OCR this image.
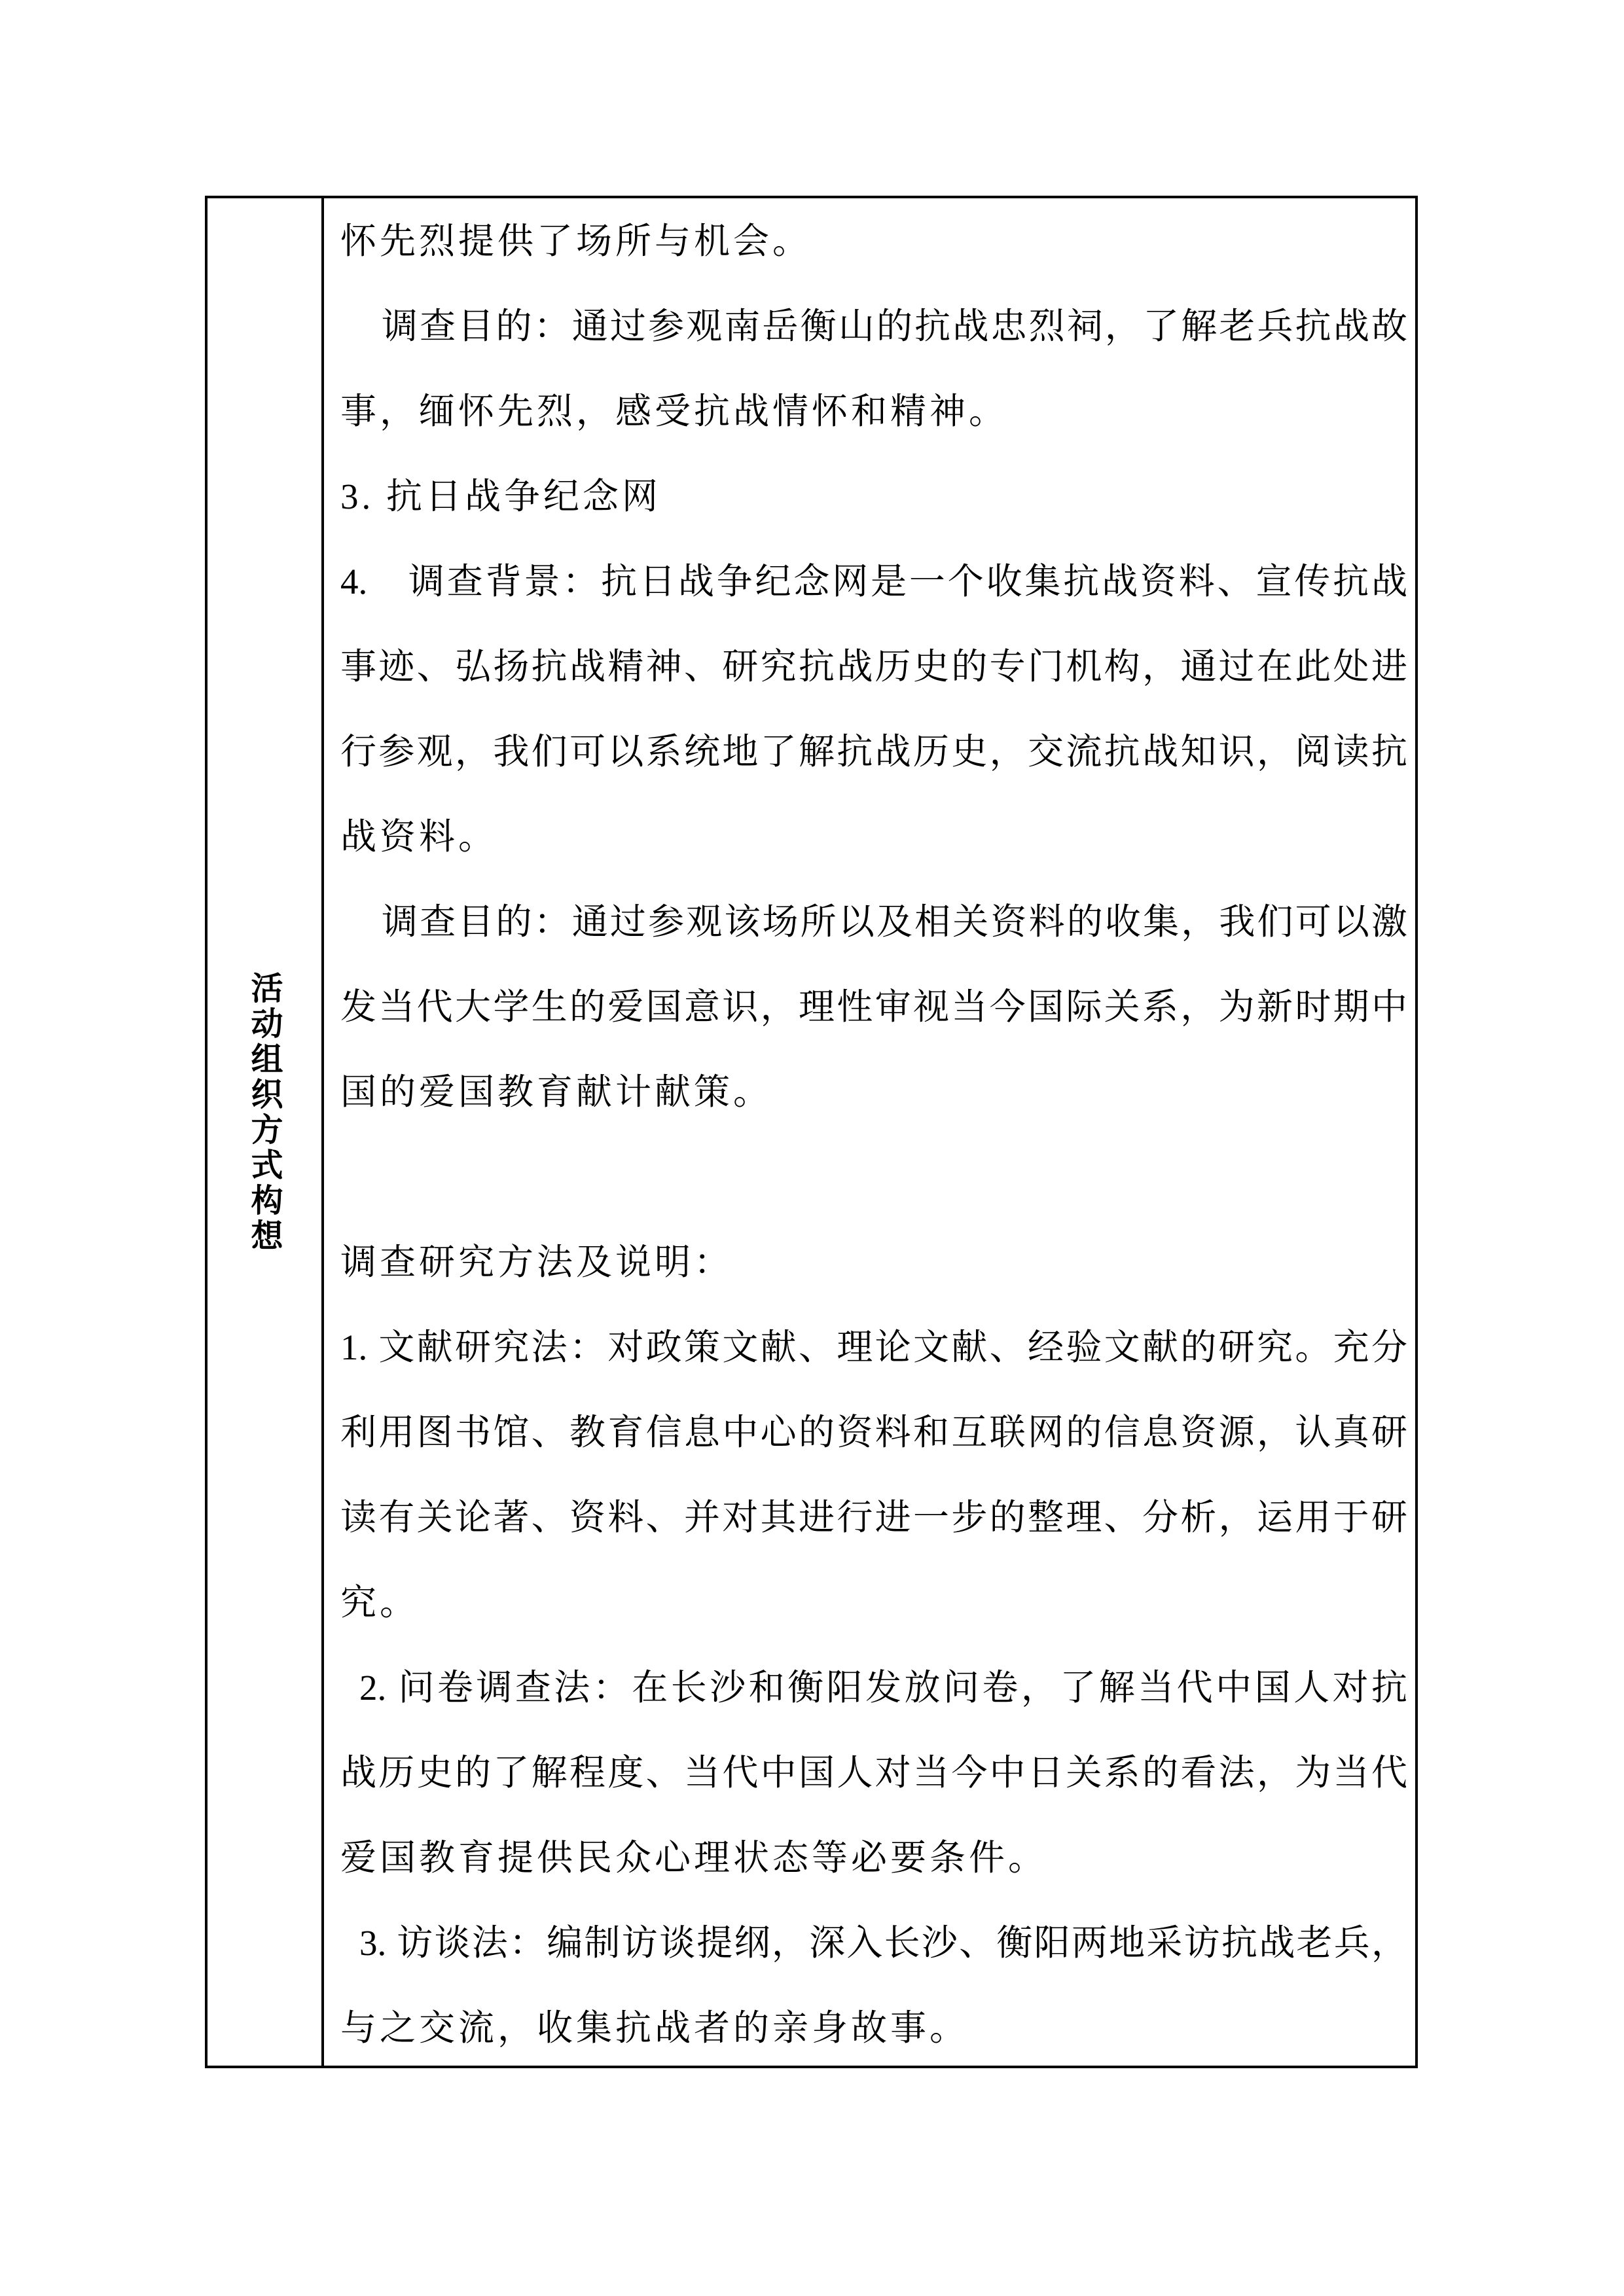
活动组织方式构想
怀先烈提供了场所与机会。
调查目的：通过参观南岳衡山的抗战忠烈祠，了解老兵抗战故
事，缅怀先烈，感受抗战情怀和精神。
3. 抗日战争纪念网
4.　调查背景：抗日战争纪念网是一个收集抗战资料、宣传抗战
事迹、弘扬抗战精神、研究抗战历史的专门机构，通过在此处进
行参观，我们可以系统地了解抗战历史，交流抗战知识，阅读抗
战资料。
调查目的：通过参观该场所以及相关资料的收集，我们可以激
发当代大学生的爱国意识，理性审视当今国际关系，为新时期中
国的爱国教育献计献策。
调查研究方法及说明：
1. 文献研究法：对政策文献、理论文献、经验文献的研究。充分
利用图书馆、教育信息中心的资料和互联网的信息资源，认真研
读有关论著、资料、并对其进行进一步的整理、分析，运用于研
究。
2. 问卷调查法：在长沙和衡阳发放问卷，了解当代中国人对抗
战历史的了解程度、当代中国人对当今中日关系的看法，为当代
爱国教育提供民众心理状态等必要条件。
3. 访谈法：编制访谈提纲，深入长沙、衡阳两地采访抗战老兵，
与之交流，收集抗战者的亲身故事。
